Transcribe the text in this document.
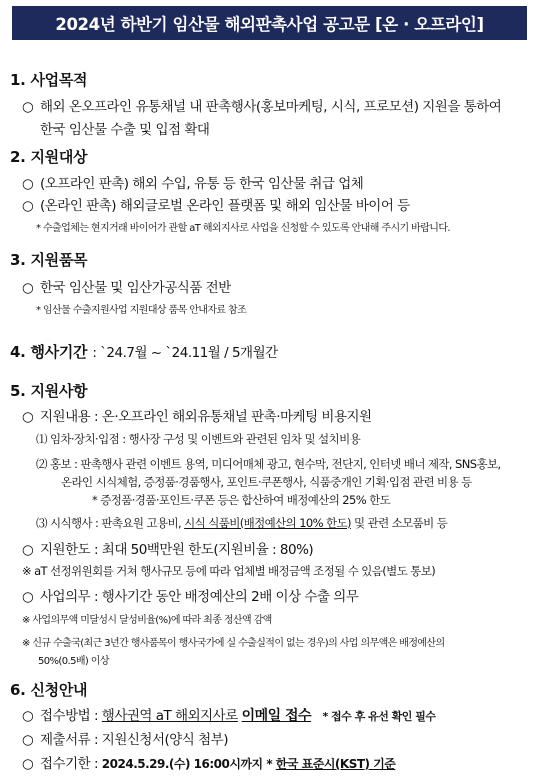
2024년 하반기 임산물 해외판촉사업 공고문 [온 · 오프라인]
1. 사업목적
○ 해외 온오프라인 유통채널 내 판촉행사(홍보마케팅, 시식, 프로모션) 지원을 통하여
한국 임산물 수출 및 입점 확대
2. 지원대상
○ (오프라인 판촉) 해외 수입, 유통 등 한국 임산물 취급 업체
○ (온라인 판촉) 해외글로벌 온라인 플랫폼 및 해외 임산물 바이어 등
* 수출업체는 현지거래 바이어가 관할 aT 해외지사로 사업을 신청할 수 있도록 안내해 주시기 바랍니다.
3. 지원품목
○ 한국 임산물 및 임산가공식품 전반
* 임산물 수출지원사업 지원대상 품목 안내자료 참조
4. 행사기간 : `24.7월 ~ `24.11월 / 5개월간
5. 지원사항
○ 지원내용 : 온·오프라인 해외유통채널 판촉·마케팅 비용지원
⑴ 임차·장치·입점 : 행사장 구성 및 이벤트와 관련된 임차 및 설치비용
⑵ 홍보 : 판촉행사 관련 이벤트 용역, 미디어매체 광고, 현수막, 전단지, 인터넷 배너 제작, SNS홍보,
온라인 시식체험, 증정품·경품행사, 포인트·쿠폰행사, 식품중개인 기획·입점 관련 비용 등
* 증정품·경품·포인트·쿠폰 등은 합산하여 배정예산의 25% 한도
⑶ 시식행사 : 판촉요원 고용비, 시식 식품비(배정예산의 10% 한도) 및 관련 소모품비 등
○ 지원한도 : 최대 50백만원 한도(지원비율 : 80%)
※ aT 선정위원회를 거쳐 행사규모 등에 따라 업체별 배정금액 조정될 수 있음(별도 통보)
○ 사업의무 : 행사기간 동안 배정예산의 2배 이상 수출 의무
※ 사업의무액 미달성시 달성비율(%)에 따라 최종 정산액 감액
※ 신규 수출국(최근 3년간 행사품목이 행사국가에 실 수출실적이 없는 경우)의 사업 의무액은 배정예산의
50%(0.5배) 이상
6. 신청안내
○ 접수방법 : 행사권역 aT 해외지사로 이메일 접수 * 접수 후 유선 확인 필수
○ 제출서류 : 지원신청서(양식 첨부)
○ 접수기한 : 2024.5.29.(수) 16:00시까지 * 한국 표준시(KST) 기준
